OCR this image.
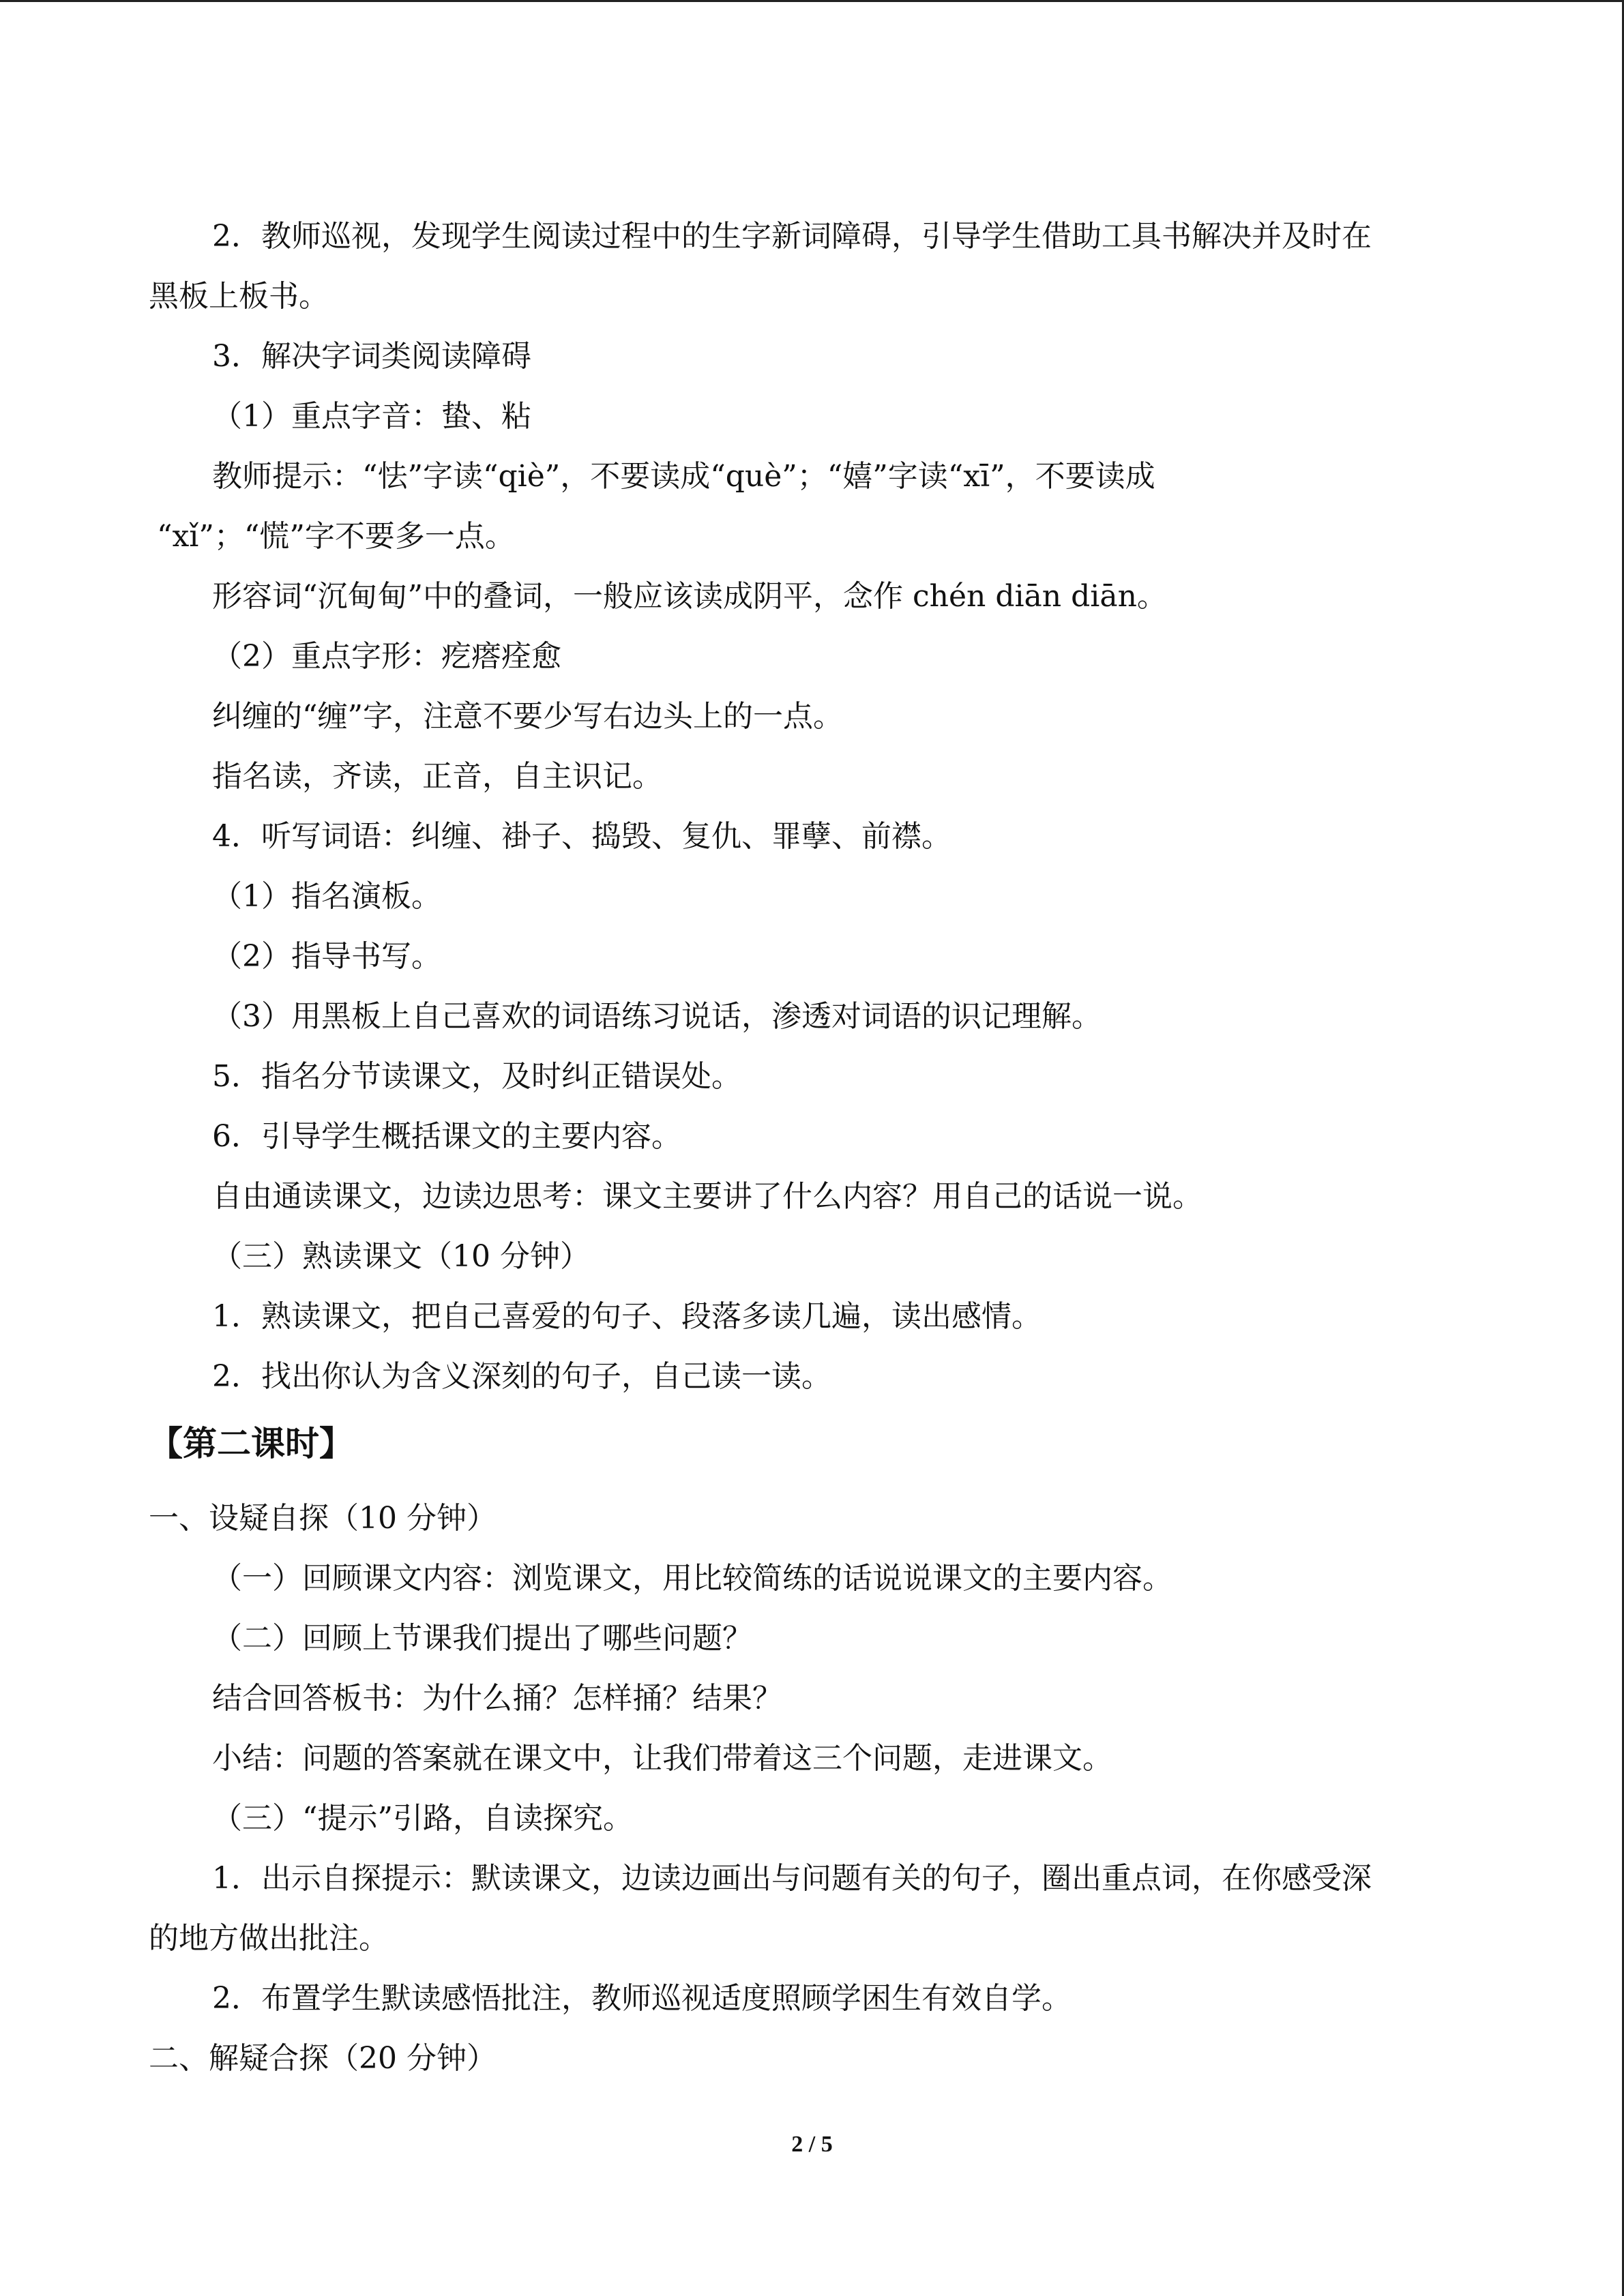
2．教师巡视，发现学生阅读过程中的生字新词障碍，引导学生借助工具书解决并及时在
黑板上板书。
3．解决字词类阅读障碍
（1）重点字音：蛰、粘
教师提示：“怯”字读“qiè”，不要读成“què”；“嬉”字读“xī”，不要读成
“xǐ”；“慌”字不要多一点。
形容词“沉甸甸”中的叠词，一般应该读成阴平，念作 chén diān diān。
（2）重点字形：疙瘩痊愈
纠缠的“缠”字，注意不要少写右边头上的一点。
指名读，齐读，正音，自主识记。
4．听写词语：纠缠、褂子、捣毁、复仇、罪孽、前襟。
（1）指名演板。
（2）指导书写。
（3）用黑板上自己喜欢的词语练习说话，渗透对词语的识记理解。
5．指名分节读课文，及时纠正错误处。
6．引导学生概括课文的主要内容。
自由通读课文，边读边思考：课文主要讲了什么内容？用自己的话说一说。
（三）熟读课文（10 分钟）
1．熟读课文，把自己喜爱的句子、段落多读几遍，读出感情。
2．找出你认为含义深刻的句子，自己读一读。
【第二课时】
一、设疑自探（10 分钟）
（一）回顾课文内容：浏览课文，用比较简练的话说说课文的主要内容。
（二）回顾上节课我们提出了哪些问题？
结合回答板书：为什么捅？怎样捅？结果？
小结：问题的答案就在课文中，让我们带着这三个问题，走进课文。
（三）“提示”引路，自读探究。
1．出示自探提示：默读课文，边读边画出与问题有关的句子，圈出重点词，在你感受深
的地方做出批注。
2．布置学生默读感悟批注，教师巡视适度照顾学困生有效自学。
二、解疑合探（20 分钟）
2 / 5
